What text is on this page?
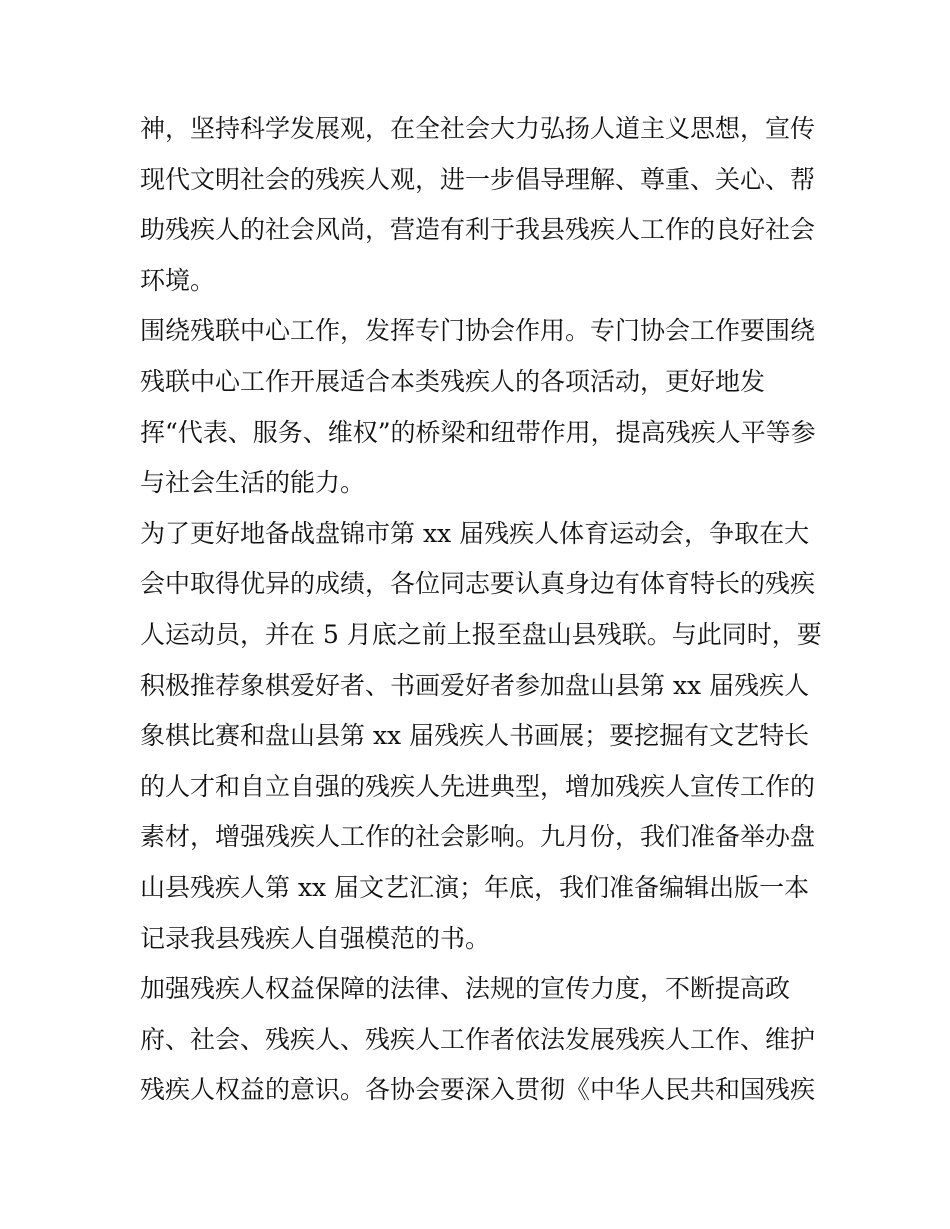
神，坚持科学发展观，在全社会大力弘扬人道主义思想，宣传
现代文明社会的残疾人观，进一步倡导理解、尊重、关心、帮
助残疾人的社会风尚，营造有利于我县残疾人工作的良好社会
环境。
围绕残联中心工作，发挥专门协会作用。专门协会工作要围绕
残联中心工作开展适合本类残疾人的各项活动，更好地发
挥“代表、服务、维权”的桥梁和纽带作用，提高残疾人平等参
与社会生活的能力。
为了更好地备战盘锦市第 xx 届残疾人体育运动会，争取在大
会中取得优异的成绩，各位同志要认真身边有体育特长的残疾
人运动员，并在 5 月底之前上报至盘山县残联。与此同时，要
积极推荐象棋爱好者、书画爱好者参加盘山县第 xx 届残疾人
象棋比赛和盘山县第 xx 届残疾人书画展；要挖掘有文艺特长
的人才和自立自强的残疾人先进典型，增加残疾人宣传工作的
素材，增强残疾人工作的社会影响。九月份，我们准备举办盘
山县残疾人第 xx 届文艺汇演；年底，我们准备编辑出版一本
记录我县残疾人自强模范的书。
加强残疾人权益保障的法律、法规的宣传力度，不断提高政
府、社会、残疾人、残疾人工作者依法发展残疾人工作、维护
残疾人权益的意识。各协会要深入贯彻《中华人民共和国残疾
